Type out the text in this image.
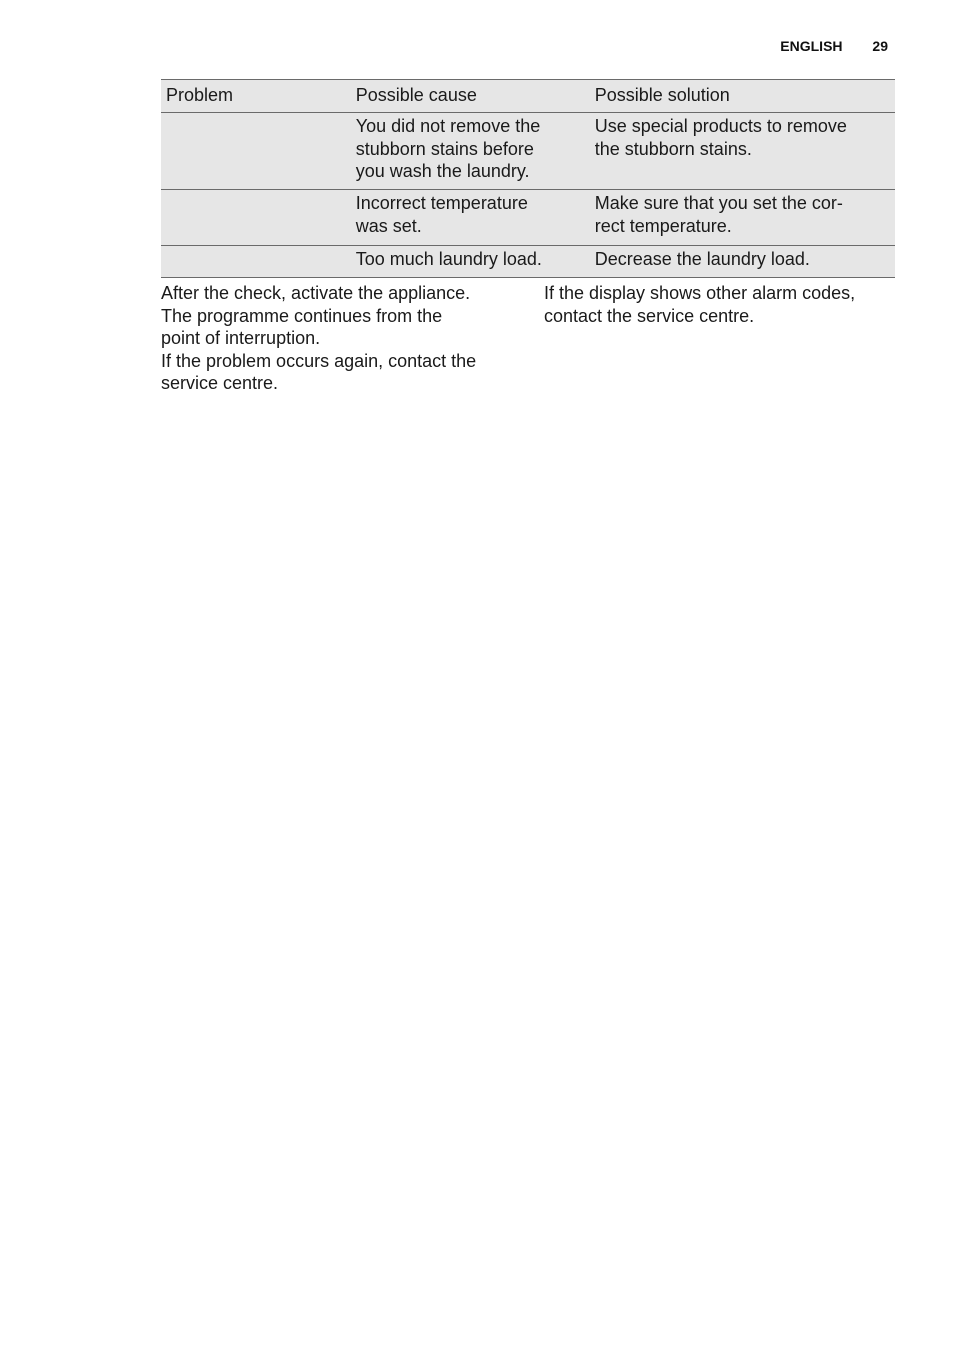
ENGLISH 29
Problem	Possible cause	Possible solution

	You did not remove the
stubborn stains before
you wash the laundry.	Use special products to remove
the stubborn stains.

	Incorrect temperature
was set.	Make sure that you set the cor-
rect temperature.

	Too much laundry load.	Decrease the laundry load.
After the check, activate the appliance.
The programme continues from the
point of interruption.
If the problem occurs again, contact the
service centre.
If the display shows other alarm codes,
contact the service centre.
